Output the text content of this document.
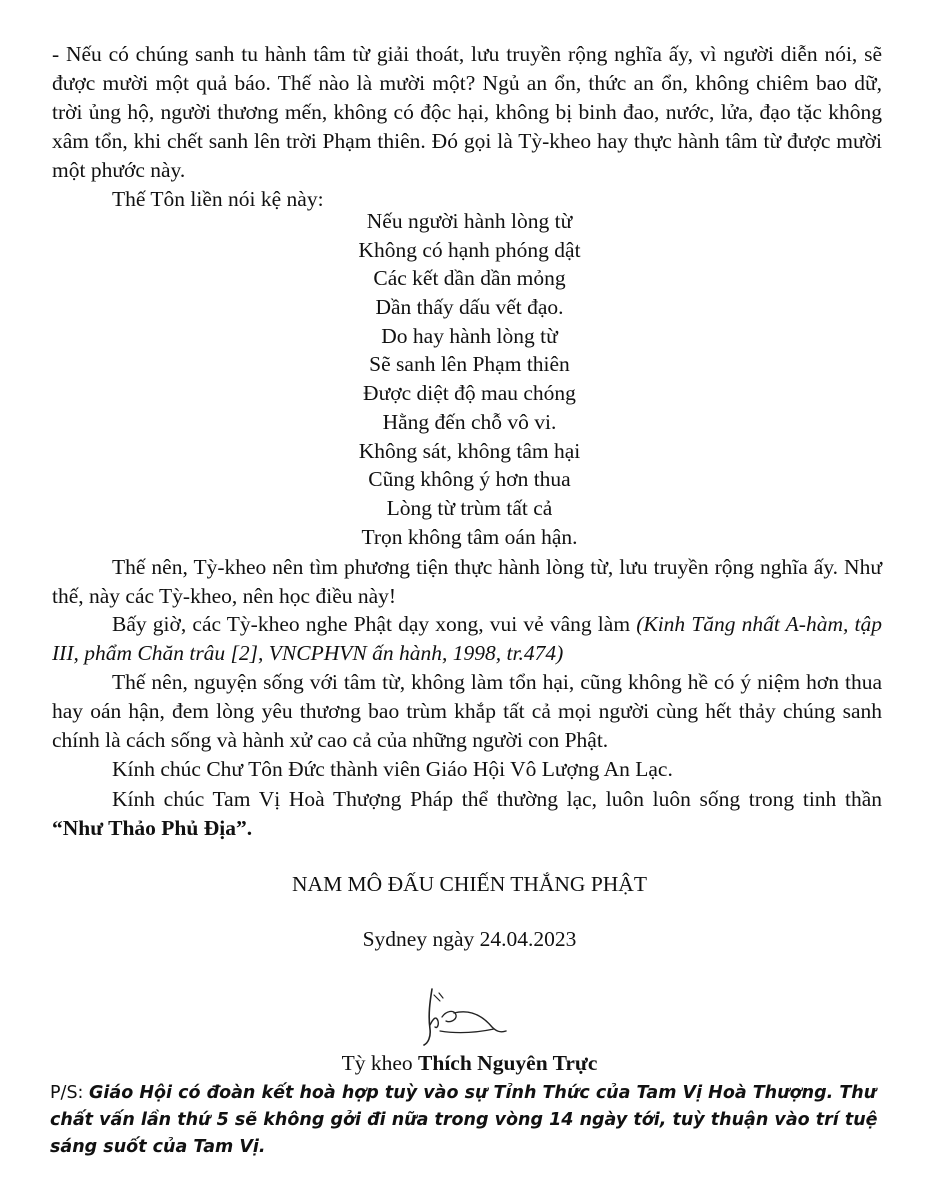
- Nếu có chúng sanh tu hành tâm từ giải thoát, lưu truyền rộng nghĩa ấy, vì người diễn nói, sẽ được mười một quả báo. Thế nào là mười một? Ngủ an ổn, thức an ổn, không chiêm bao dữ, trời ủng hộ, người thương mến, không có độc hại, không bị binh đao, nước, lửa, đạo tặc không xâm tổn, khi chết sanh lên trời Phạm thiên. Đó gọi là Tỳ-kheo hay thực hành tâm từ được mười một phước này.

Thế Tôn liền nói kệ này:

Nếu người hành lòng từ
Không có hạnh phóng dật
Các kết dần dần mỏng
Dần thấy dấu vết đạo.
Do hay hành lòng từ
Sẽ sanh lên Phạm thiên
Được diệt độ mau chóng
Hằng đến chỗ vô vi.
Không sát, không tâm hại
Cũng không ý hơn thua
Lòng từ trùm tất cả
Trọn không tâm oán hận.

Thế nên, Tỳ-kheo nên tìm phương tiện thực hành lòng từ, lưu truyền rộng nghĩa ấy. Như thế, này các Tỳ-kheo, nên học điều này!

Bấy giờ, các Tỳ-kheo nghe Phật dạy xong, vui vẻ vâng làm (Kinh Tăng nhất A-hàm, tập III, phẩm Chăn trâu [2], VNCPHVN ấn hành, 1998, tr.474)

Thế nên, nguyện sống với tâm từ, không làm tổn hại, cũng không hề có ý niệm hơn thua hay oán hận, đem lòng yêu thương bao trùm khắp tất cả mọi người cùng hết thảy chúng sanh chính là cách sống và hành xử cao cả của những người con Phật.

Kính chúc Chư Tôn Đức thành viên Giáo Hội Vô Lượng An Lạc.

Kính chúc Tam Vị Hoà Thượng Pháp thể thường lạc, luôn luôn sống trong tinh thần “Như Thảo Phủ Địa”.

NAM MÔ ĐẤU CHIẾN THẮNG PHẬT

Sydney ngày 24.04.2023

Tỳ kheo Thích Nguyên Trực

P/S: Giáo Hội có đoàn kết hoà hợp tuỳ vào sự Tỉnh Thức của Tam Vị Hoà Thượng. Thư chất vấn lần thứ 5 sẽ không gởi đi nữa trong vòng 14 ngày tới, tuỳ thuận vào trí tuệ sáng suốt của Tam Vị.
